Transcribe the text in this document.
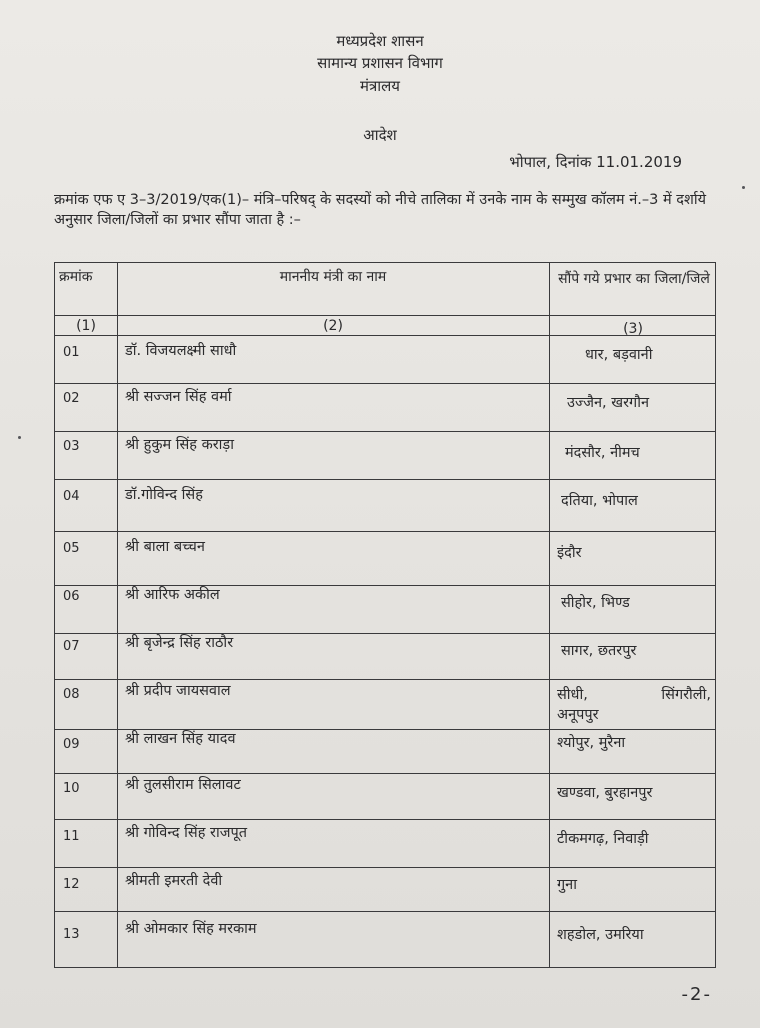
मध्यप्रदेश शासन
सामान्य प्रशासन विभाग
मंत्रालय
आदेश
भोपाल, दिनांक 11.01.2019
क्रमांक एफ ए 3–3/2019/एक(1)– मंत्रि–परिषद् के सदस्यों को नीचे तालिका में उनके नाम के सम्मुख कॉलम नं.–3 में दर्शाये अनुसार जिला/जिलों का प्रभार सौंपा जाता है :–
क्रमांक	माननीय मंत्री का नाम	सौंपे गये प्रभार का जिला/जिले
(1)	(2)	(3)
01	डॉ. विजयलक्ष्मी साधौ	धार, बड़वानी
02	श्री सज्जन सिंह वर्मा	उज्जैन, खरगौन
03	श्री हुकुम सिंह कराड़ा	मंदसौर, नीमच
04	डॉ.गोविन्द सिंह	दतिया, भोपाल
05	श्री बाला बच्चन	इंदौर
06	श्री आरिफ अकील	सीहोर, भिण्ड
07	श्री बृजेन्द्र सिंह राठौर	सागर, छतरपुर
08	श्री प्रदीप जायसवाल	सीधी, सिंगरौली, अनूपपुर
09	श्री लाखन सिंह यादव	श्योपुर, मुरैना
10	श्री तुलसीराम सिलावट	खण्डवा, बुरहानपुर
11	श्री गोविन्द सिंह राजपूत	टीकमगढ़, निवाड़ी
12	श्रीमती इमरती देवी	गुना
13	श्री ओमकार सिंह मरकाम	शहडोल, उमरिया
-2-
